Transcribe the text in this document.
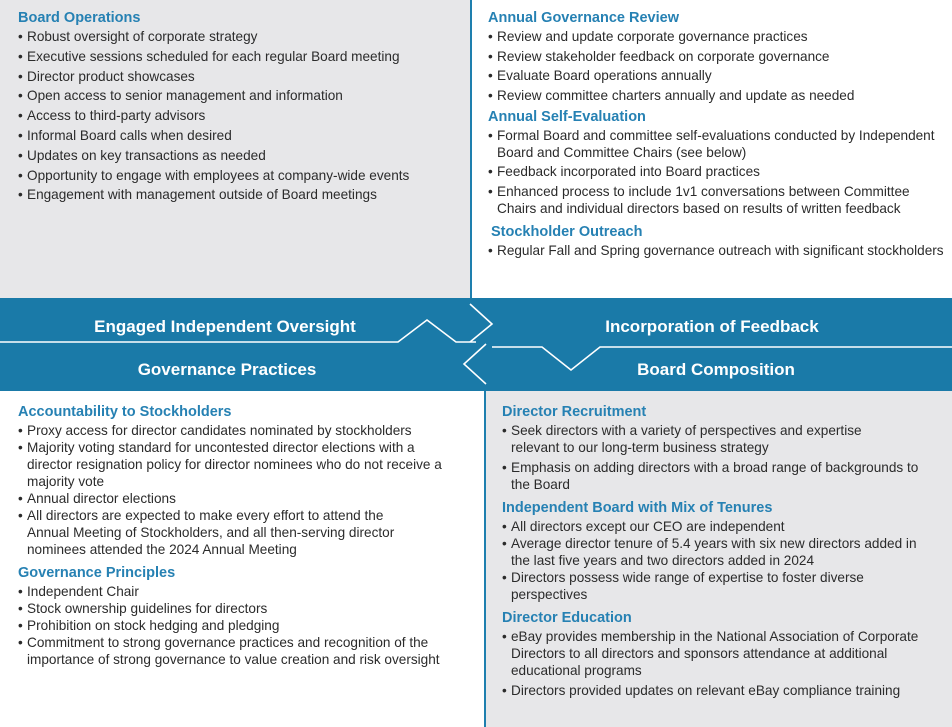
Board Operations
• Robust oversight of corporate strategy
• Executive sessions scheduled for each regular Board meeting
• Director product showcases
• Open access to senior management and information
• Access to third-party advisors
• Informal Board calls when desired
• Updates on key transactions as needed
• Opportunity to engage with employees at company-wide events
• Engagement with management outside of Board meetings
Annual Governance Review
• Review and update corporate governance practices
• Review stakeholder feedback on corporate governance
• Evaluate Board operations annually
• Review committee charters annually and update as needed
Annual Self-Evaluation
• Formal Board and committee self-evaluations conducted by Independent Board and Committee Chairs (see below)
• Feedback incorporated into Board practices
• Enhanced process to include 1v1 conversations between Committee Chairs and individual directors based on results of written feedback
Stockholder Outreach
• Regular Fall and Spring governance outreach with significant stockholders
Engaged Independent Oversight	Incorporation of Feedback
Governance Practices	Board Composition
Accountability to Stockholders
• Proxy access for director candidates nominated by stockholders
• Majority voting standard for uncontested director elections with a director resignation policy for director nominees who do not receive a majority vote
• Annual director elections
• All directors are expected to make every effort to attend the Annual Meeting of Stockholders, and all then-serving director nominees attended the 2024 Annual Meeting
Governance Principles
• Independent Chair
• Stock ownership guidelines for directors
• Prohibition on stock hedging and pledging
• Commitment to strong governance practices and recognition of the importance of strong governance to value creation and risk oversight
Director Recruitment
• Seek directors with a variety of perspectives and expertise relevant to our long-term business strategy
• Emphasis on adding directors with a broad range of backgrounds to the Board
Independent Board with Mix of Tenures
• All directors except our CEO are independent
• Average director tenure of 5.4 years with six new directors added in the last five years and two directors added in 2024
• Directors possess wide range of expertise to foster diverse perspectives
Director Education
• eBay provides membership in the National Association of Corporate Directors to all directors and sponsors attendance at additional educational programs
• Directors provided updates on relevant eBay compliance training
